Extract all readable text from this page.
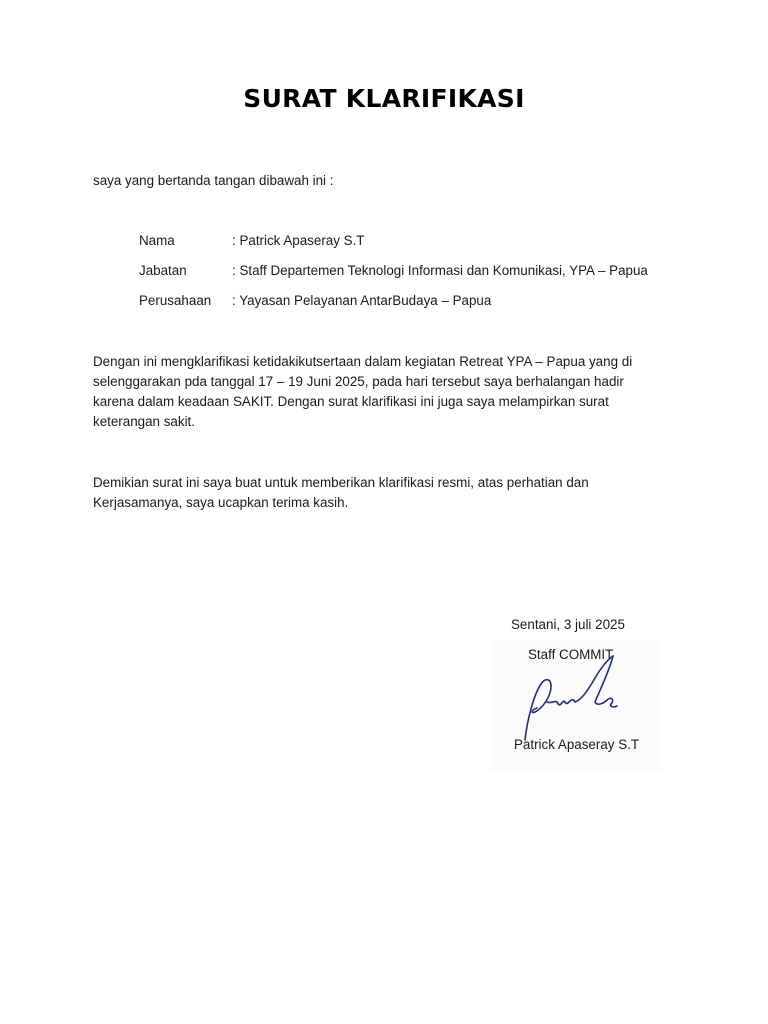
SURAT KLARIFIKASI
saya yang bertanda tangan dibawah ini :
Nama	: Patrick Apaseray S.T
Jabatan	: Staff Departemen Teknologi Informasi dan Komunikasi, YPA – Papua
Perusahaan : Yayasan Pelayanan AntarBudaya – Papua

Dengan ini mengklarifikasi ketidakikutsertaan dalam kegiatan Retreat YPA – Papua yang di

selenggarakan pda tanggal 17 – 19 Juni 2025, pada hari tersebut saya berhalangan hadir

karena dalam keadaan SAKIT. Dengan surat klarifikasi ini juga saya melampirkan surat

keterangan sakit.

Demikian surat ini saya buat untuk memberikan klarifikasi resmi, atas perhatian dan

Kerjasamanya, saya ucapkan terima kasih.

Sentani, 3 juli 2025
Staff COMMIT
Patrick Apaseray S.T
